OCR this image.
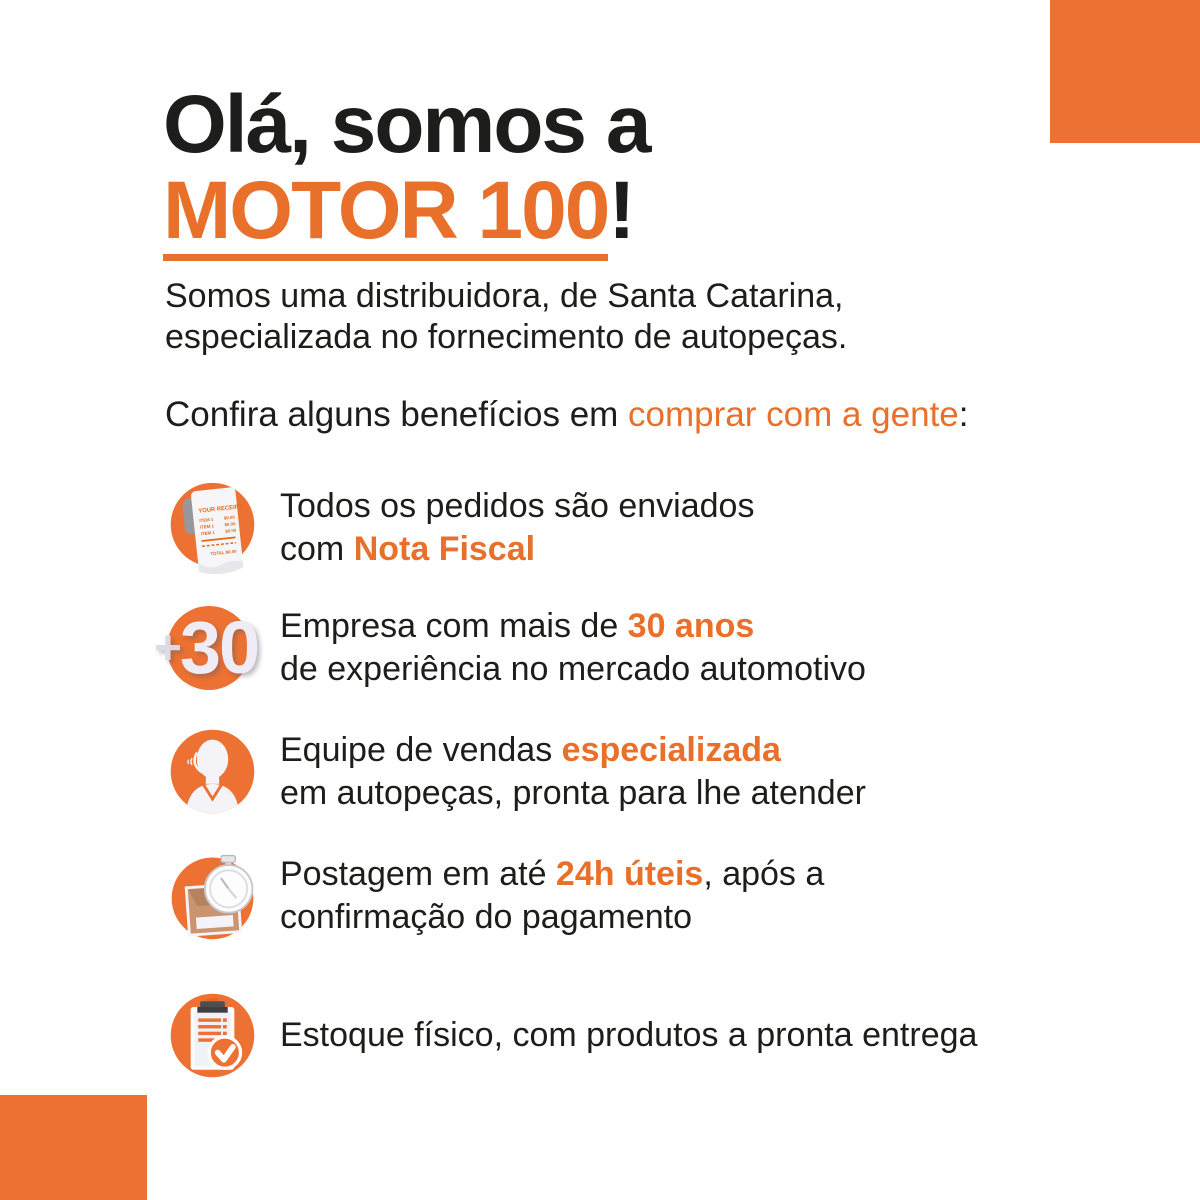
Olá, somos a
MOTOR 100!
Somos uma distribuidora, de Santa Catarina,
especializada no fornecimento de autopeças.
Confira alguns benefícios em comprar com a gente:
YOUR RECEIPT
ITEM 1 $0.00
ITEM 1 $0.00
ITEM 1 $0.00
TOTAL $0.00
Todos os pedidos são enviados
com Nota Fiscal
+
30 Empresa com mais de 30 anos
de experiência no mercado automotivo
Equipe de vendas especializada
em autopeças, pronta para lhe atender
Postagem em até 24h úteis, após a
confirmação do pagamento
Estoque físico, com produtos a pronta entrega
